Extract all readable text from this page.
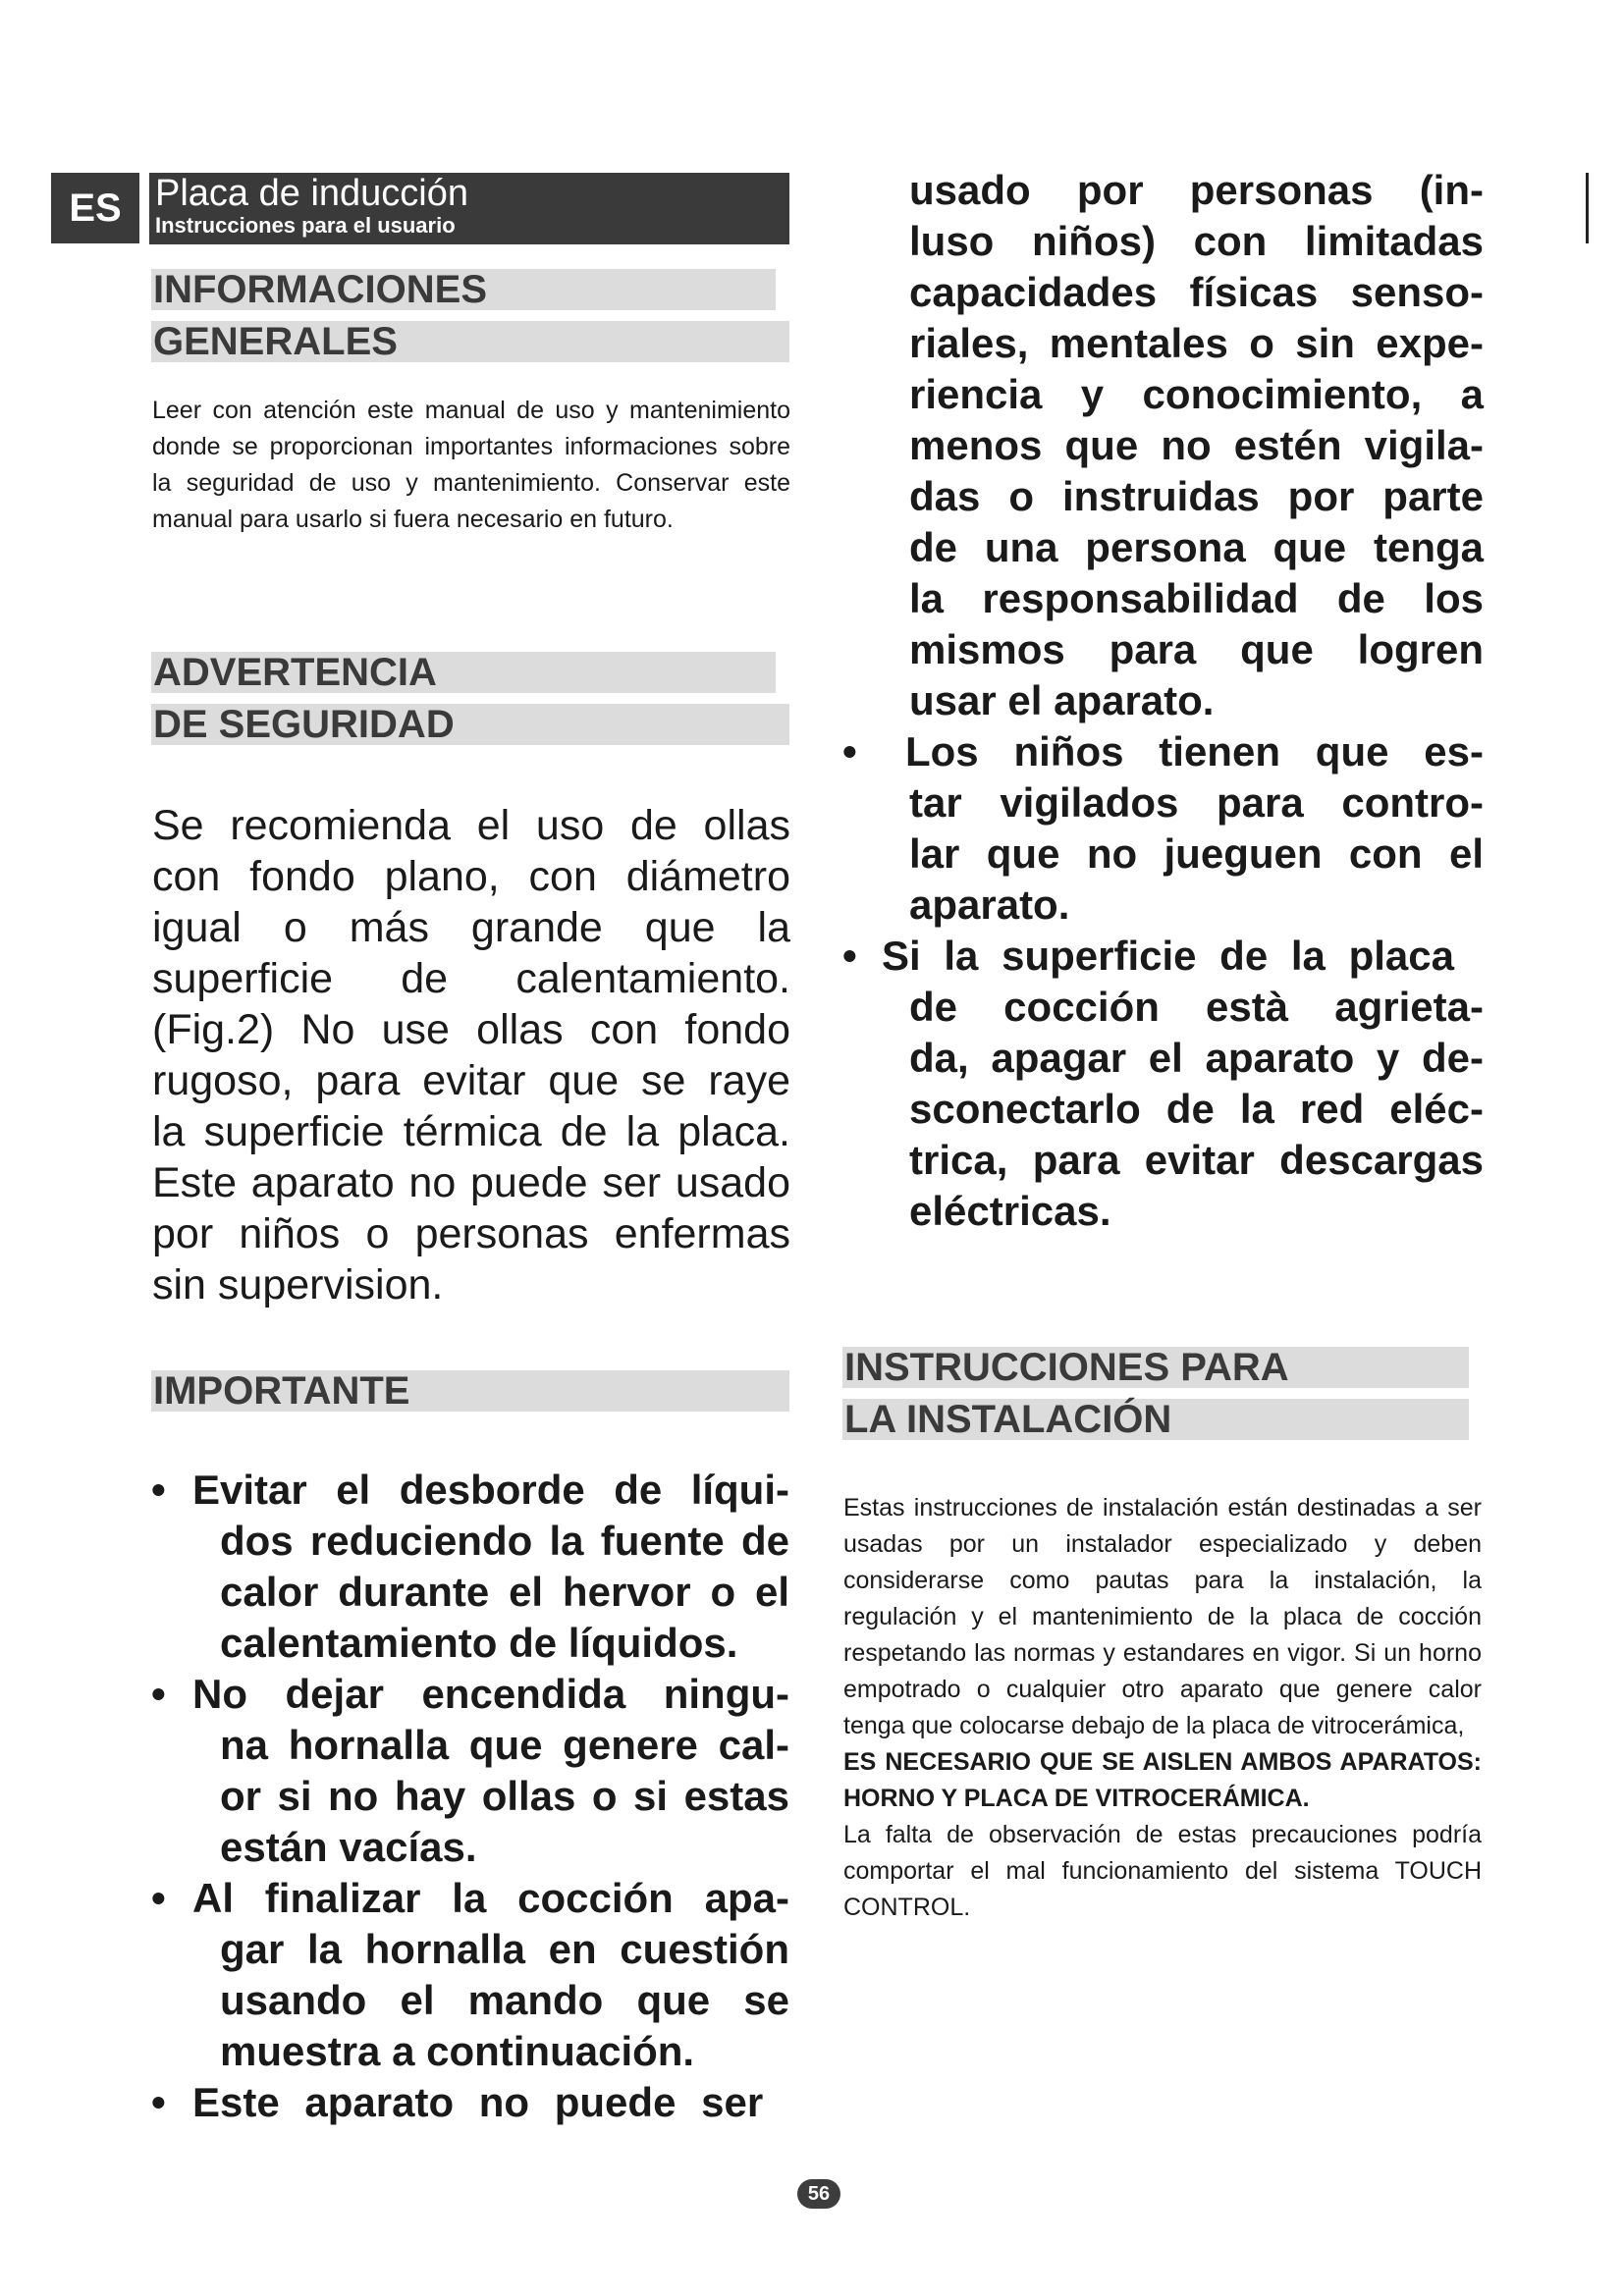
ES Placa de inducción
Instrucciones para el usuario
INFORMACIONES
GENERALES
Leer con atención este manual de uso y mantenimiento donde se proporcionan importantes informaciones sobre la seguridad de uso y mantenimiento. Conservar este manual para usarlo si fuera necesario en futuro.
ADVERTENCIA
DE SEGURIDAD
Se recomienda el uso de ollas
con fondo plano, con diámetro
igual o más grande que la
superficie de calentamiento.
(Fig.2) No use ollas con fondo
rugoso, para evitar que se raye
la superficie térmica de la placa.
Este aparato no puede ser usado
por niños o personas enfermas
sin supervision.
IMPORTANTE
• Evitar el desborde de líqui-
dos reduciendo la fuente de
calor durante el hervor o el
calentamiento de líquidos.
• No dejar encendida ningu-
na hornalla que genere cal-
or si no hay ollas o si estas
están vacías.
• Al finalizar la cocción apa-
gar la hornalla en cuestión
usando el mando que se
muestra a continuación.
• Este aparato no puede ser
usado por personas (in-
luso niños) con limitadas
capacidades físicas senso-
riales, mentales o sin expe-
riencia y conocimiento, a
menos que no estén vigila-
das o instruidas por parte
de una persona que tenga
la responsabilidad de los
mismos para que logren
usar el aparato.
• Los niños tienen que es-
tar vigilados para contro-
lar que no jueguen con el
aparato.
• Si la superficie de la placa
de cocción està agrieta-
da, apagar el aparato y de-
sconectarlo de la red eléc-
trica, para evitar descargas
eléctricas.
INSTRUCCIONES PARA
LA INSTALACIÓN
Estas instrucciones de instalación están destinadas a ser usadas por un instalador especializado y deben considerarse como pautas para la instalación, la regulación y el mantenimiento de la placa de cocción respetando las normas y estandares en vigor. Si un horno empotrado o cualquier otro aparato que genere calor tenga que colocarse debajo de la placa de vitrocerámica,
ES NECESARIO QUE SE AISLEN AMBOS APARATOS: HORNO Y PLACA DE VITROCERÁMICA.
La falta de observación de estas precauciones podría comportar el mal funcionamiento del sistema TOUCH CONTROL.
56
